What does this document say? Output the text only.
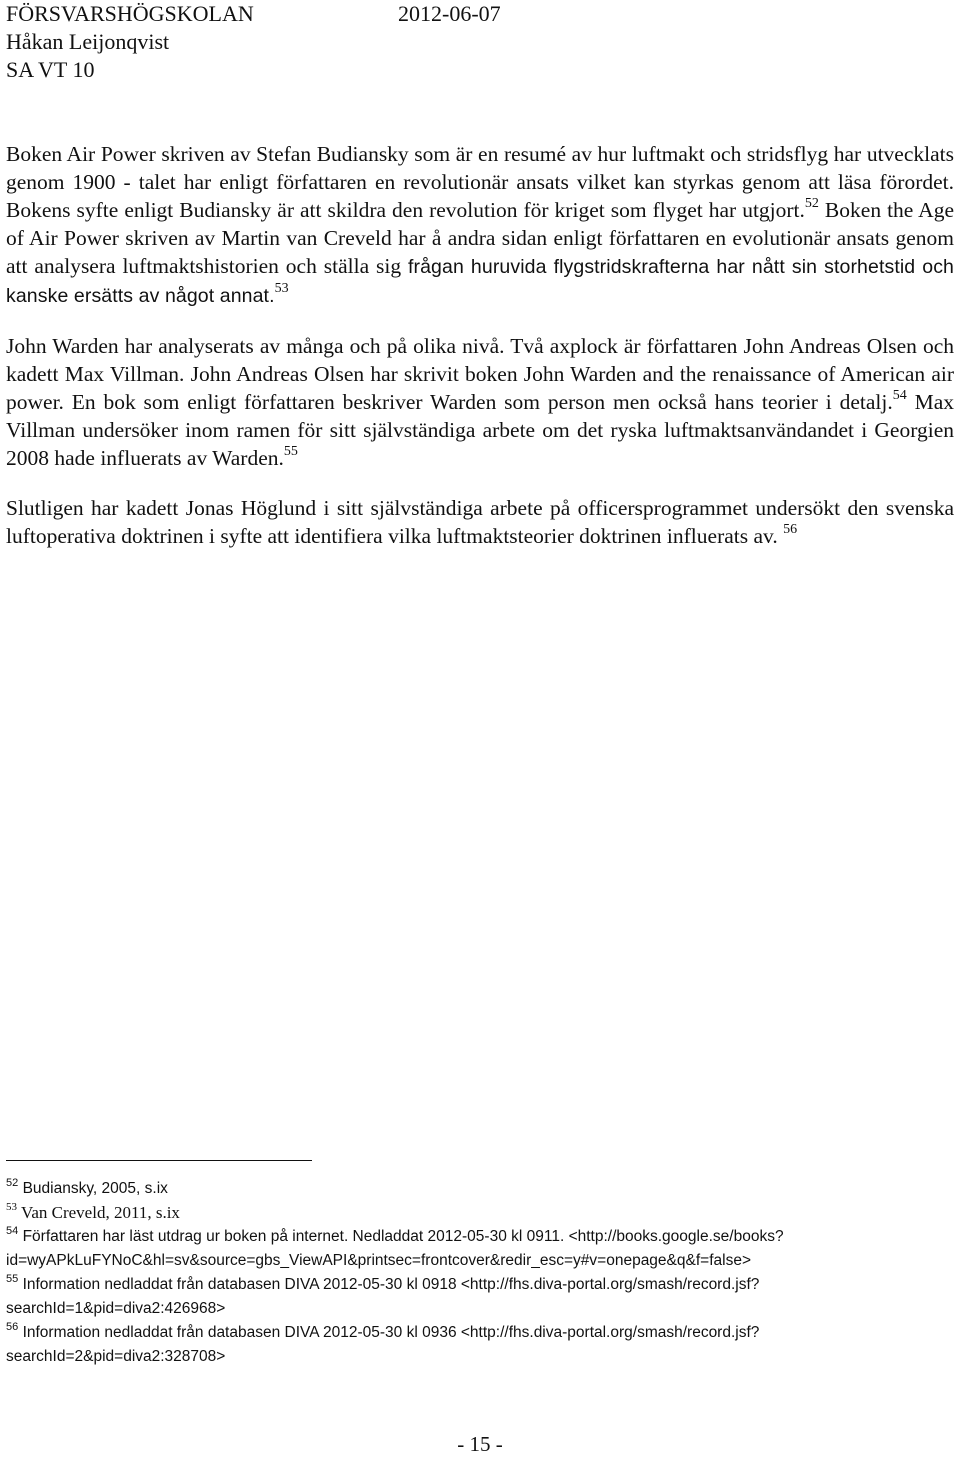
FÖRSVARSHÖGSKOLAN	2012-06-07
Håkan Leijonqvist
SA VT 10

Boken Air Power skriven av Stefan Budiansky som är en resumé av hur luftmakt och stridsflyg har utvecklats genom 1900 - talet har enligt författaren en revolutionär ansats vilket kan styrkas genom att läsa förordet. Bokens syfte enligt Budiansky är att skildra den revolution för kriget som flyget har utgjort.$^{52}$ Boken the Age of Air Power skriven av Martin van Creveld har å andra sidan enligt författaren en evolutionär ansats genom att analysera luftmaktshistorien och ställa sig frågan huruvida flygstridskrafterna har nått sin storhetstid och kanske ersätts av något annat.$^{53}$

John Warden har analyserats av många och på olika nivå. Två axplock är författaren John Andreas Olsen och kadett Max Villman. John Andreas Olsen har skrivit boken John Warden and the renaissance of American air power. En bok som enligt författaren beskriver Warden som person men också hans teorier i detalj.$^{54}$ Max Villman undersöker inom ramen för sitt självständiga arbete om det ryska luftmaktsanvändandet i Georgien 2008 hade influerats av Warden.$^{55}$

Slutligen har kadett Jonas Höglund i sitt självständiga arbete på officersprogrammet undersökt den svenska luftoperativa doktrinen i syfte att identifiera vilka luftmaktsteorier doktrinen influerats av. $^{56}$

$^{52}$ Budiansky, 2005, s.ix
$^{53}$ Van Creveld, 2011, s.ix
$^{54}$ Författaren har läst utdrag ur boken på internet. Nedladdat 2012-05-30 kl 0911. <http://books.google.se/books?id=wyAPkLuFYNoC&hl=sv&source=gbs_ViewAPI&printsec=frontcover&redir_esc=y#v=onepage&q&f=false>
$^{55}$ Information nedladdat från databasen DIVA 2012-05-30 kl 0918 <http://fhs.diva-portal.org/smash/record.jsf?searchId=1&pid=diva2:426968>
$^{56}$ Information nedladdat från databasen DIVA 2012-05-30 kl 0936 <http://fhs.diva-portal.org/smash/record.jsf?searchId=2&pid=diva2:328708>
- 15 -
